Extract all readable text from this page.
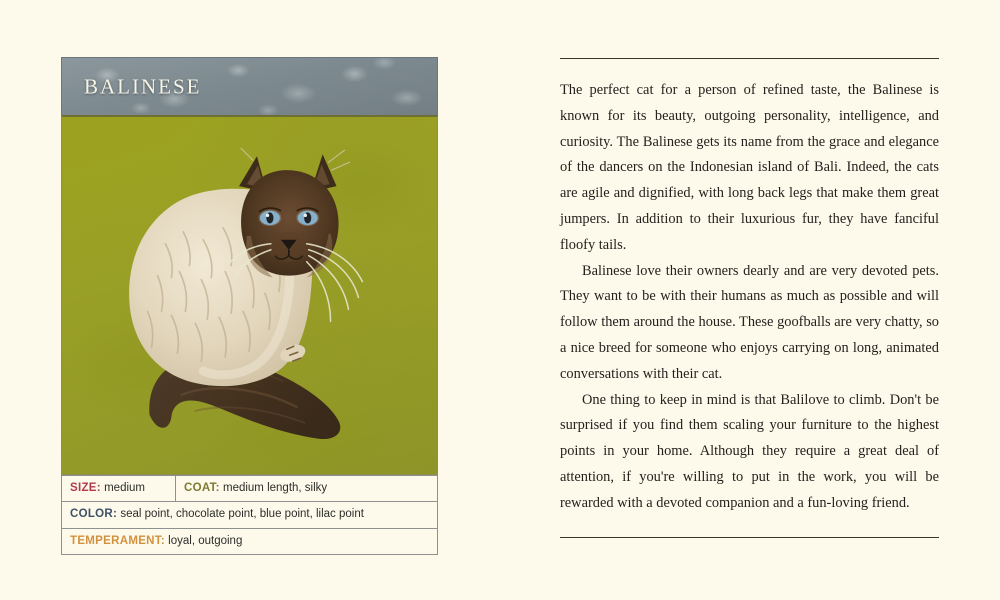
BALINESE
SIZE: medium	COAT: medium length, silky
COLOR: seal point, chocolate point, blue point, lilac point
TEMPERAMENT: loyal, outgoing

The perfect cat for a person of refined taste, the Balinese is known for its beauty, outgoing personality, intelligence, and curiosity. The Balinese gets its name from the grace and elegance of the dancers on the Indonesian island of Bali. Indeed, the cats are agile and dignified, with long back legs that make them great jumpers. In addition to their luxurious fur, they have fanciful floofy tails.

Balinese love their owners dearly and are very devoted pets. They want to be with their humans as much as possible and will follow them around the house. These goofballs are very chatty, so a nice breed for someone who enjoys carrying on long, animated conversations with their cat.

One thing to keep in mind is that Balilove to climb. Don't be surprised if you find them scaling your furniture to the highest points in your home. Although they require a great deal of attention, if you're willing to put in the work, you will be rewarded with a devoted companion and a fun-loving friend.
